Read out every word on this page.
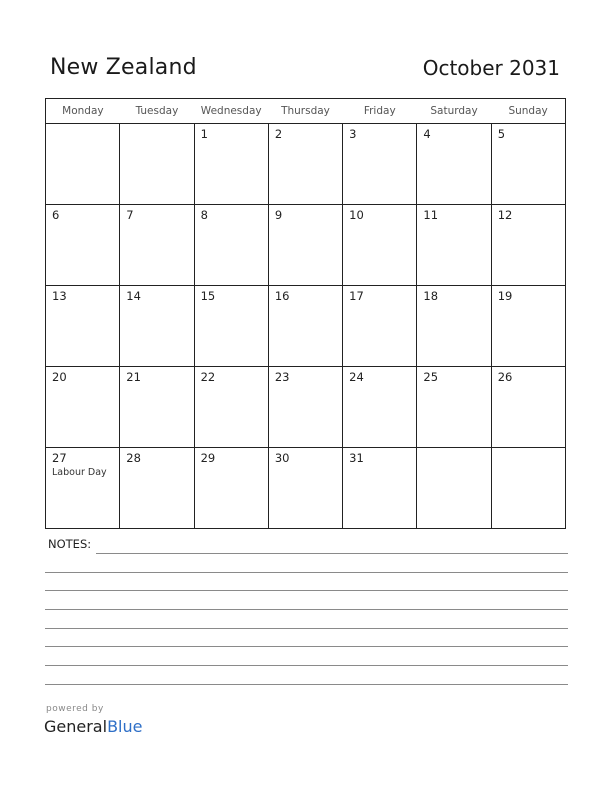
New Zealand	October 2031
Monday	Tuesday	Wednesday	Thursday	Friday	Saturday	Sunday

		1	2	3	4	5

6	7	8	9	10	11	12

13	14	15	16	17	18	19

20	21	22	23	24	25	26

27
Labour Day	28	29	30	31		

NOTES:
powered by
GeneralBlue
